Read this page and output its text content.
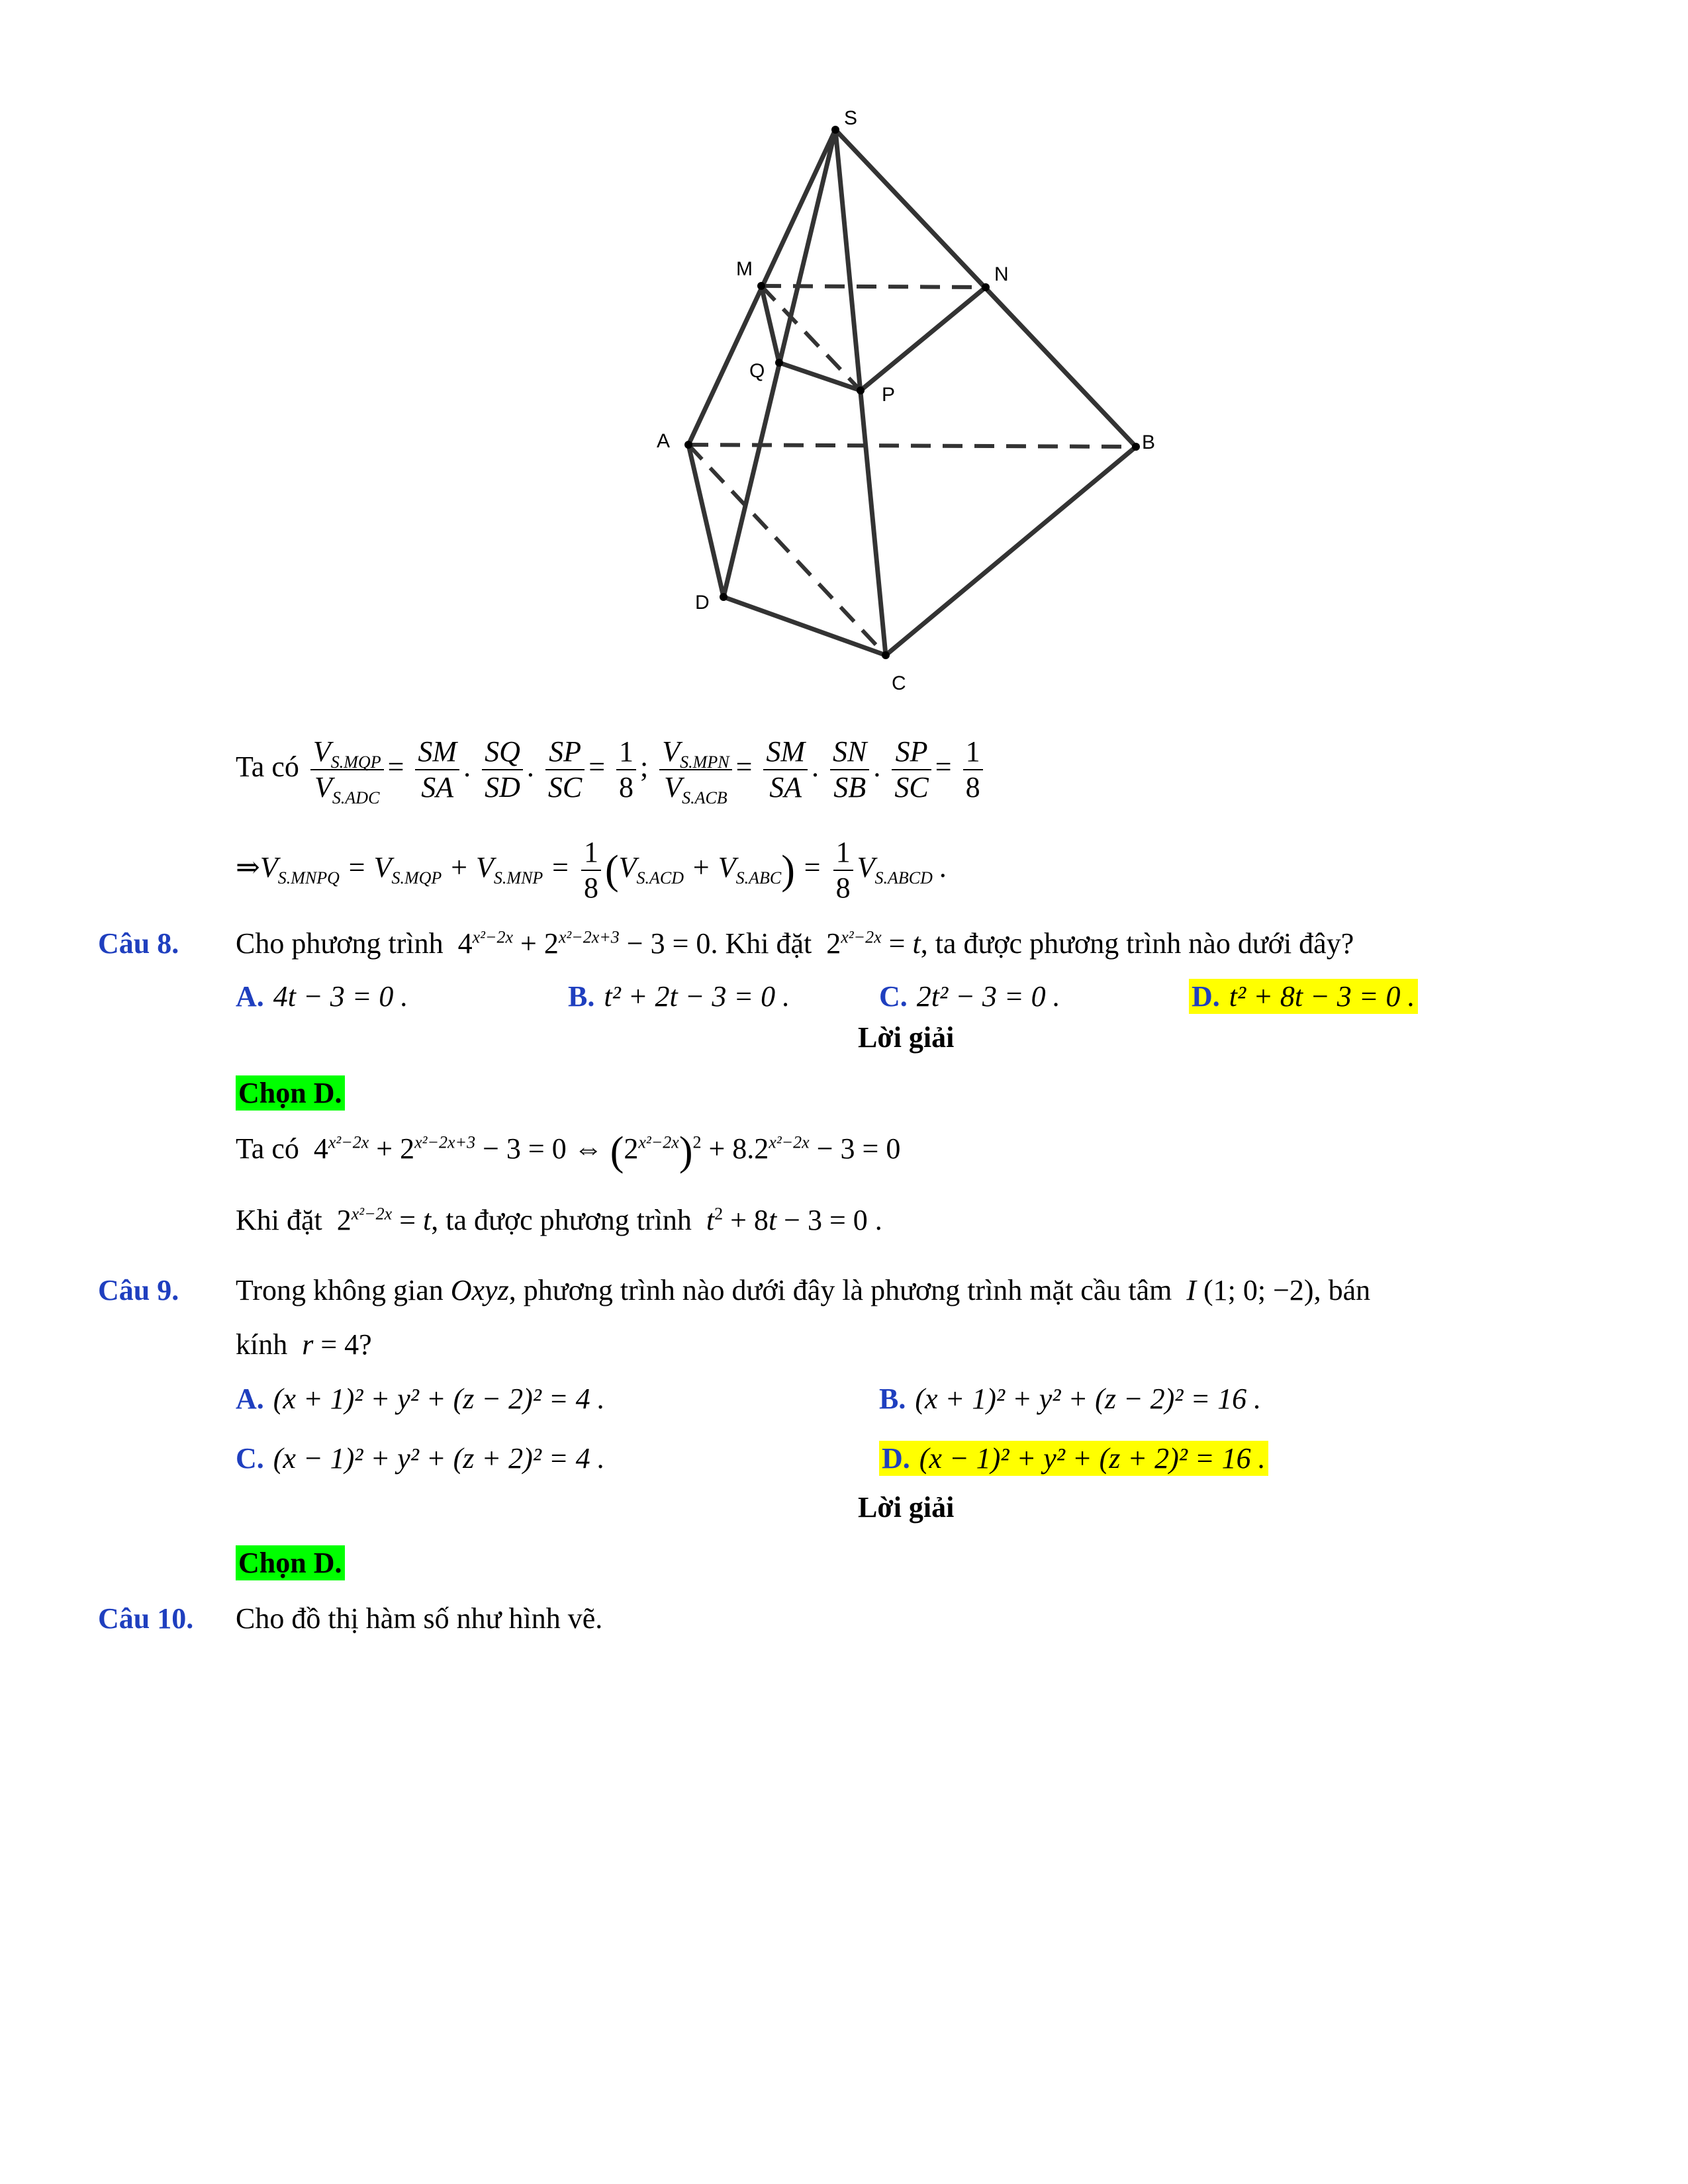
S
M	N
Q
P
A	B
D
C
Ta có $\frac{V_{S.MQP}}{V_{S.ADC}} = \frac{SM}{SA}$ . $\frac{SQ}{SD}$ . $\frac{SP}{SC} = \frac{1}{8}$ ; $\frac{V_{S.MPN}}{V_{S.ACB}} = \frac{SM}{SA}$ . $\frac{SN}{SB}$ . $\frac{SP}{SC} = \frac{1}{8}$
$\Rightarrow V_{S.MNPQ} = V_{S.MQP} + V_{S.MNP} = \frac{1}{8} (V_{S.ACD} + V_{S.ABC}) = \frac{1}{8} V_{S.ABCD}$ .
Câu 8. Cho phương trình  $4^{x^2-2x} + 2^{x^2-2x+3} - 3 = 0$. Khi đặt  $2^{x^2-2x} = t$, ta được phương trình nào dưới đây?
A. 4t − 3 = 0 .	B. t² + 2t − 3 = 0 .	C. 2t² − 3 = 0 .	D. t² + 8t − 3 = 0 .
Lời giải
Chọn D.
Ta có  $4^{x^2-2x} + 2^{x^2-2x+3} - 3 = 0$ ⇔ $(2^{x^2-2x})^2 + 8.2^{x^2-2x} - 3 = 0$
Khi đặt  $2^{x^2-2x} = t$, ta được phương trình $t^2 + 8t - 3 = 0$ .
Câu 9. Trong không gian Oxyz, phương trình nào dưới đây là phương trình mặt cầu tâm I (1; 0; −2), bán
kính r = 4?
A. (x + 1)² + y² + (z − 2)² = 4 .	B. (x + 1)² + y² + (z − 2)² = 16 .
C. (x − 1)² + y² + (z + 2)² = 4 .	D. (x − 1)² + y² + (z + 2)² = 16 .
Lời giải
Chọn D.
Câu 10. Cho đồ thị hàm số như hình vẽ.
